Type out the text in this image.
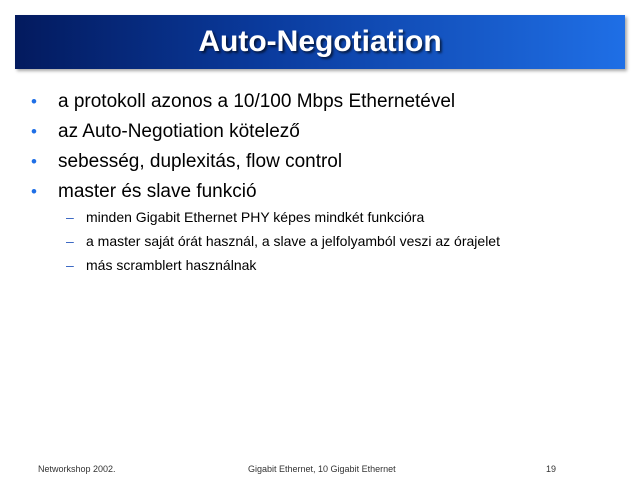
Auto-Negotiation
• a protokoll azonos a 10/100 Mbps Ethernetével
• az Auto-Negotiation kötelező
• sebesség, duplexitás, flow control
• master és slave funkció
– minden Gigabit Ethernet PHY képes mindkét funkcióra
– a master saját órát használ, a slave a jelfolyamból veszi az órajelet
– más scramblert használnak
Networkshop 2002.	Gigabit Ethernet, 10 Gigabit Ethernet	19
